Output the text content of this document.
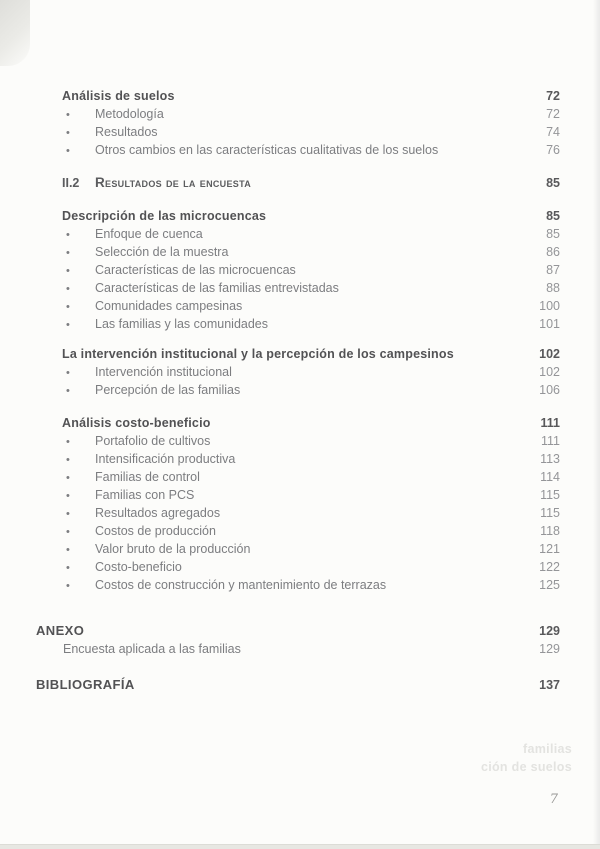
Análisis de suelos	72
•	Metodología	72
•	Resultados	74
•	Otros cambios en las características cualitativas de los suelos	76
II.2	Resultados de la encuesta	85
Descripción de las microcuencas	85
•	Enfoque de cuenca	85
•	Selección de la muestra	86
•	Características de las microcuencas	87
•	Características de las familias entrevistadas	88
•	Comunidades campesinas	100
•	Las familias y las comunidades	101
La intervención institucional y la percepción de los campesinos	102
•	Intervención institucional	102
•	Percepción de las familias	106
Análisis costo-beneficio	111
•	Portafolio de cultivos	111
•	Intensificación productiva	113
•	Familias de control	114
•	Familias con PCS	115
•	Resultados agregados	115
•	Costos de producción	118
•	Valor bruto de la producción	121
•	Costo-beneficio	122
•	Costos de construcción y mantenimiento de terrazas	125
ANEXO	129
Encuesta aplicada a las familias	129
BIBLIOGRAFÍA	137
familias
ción de suelos
7
